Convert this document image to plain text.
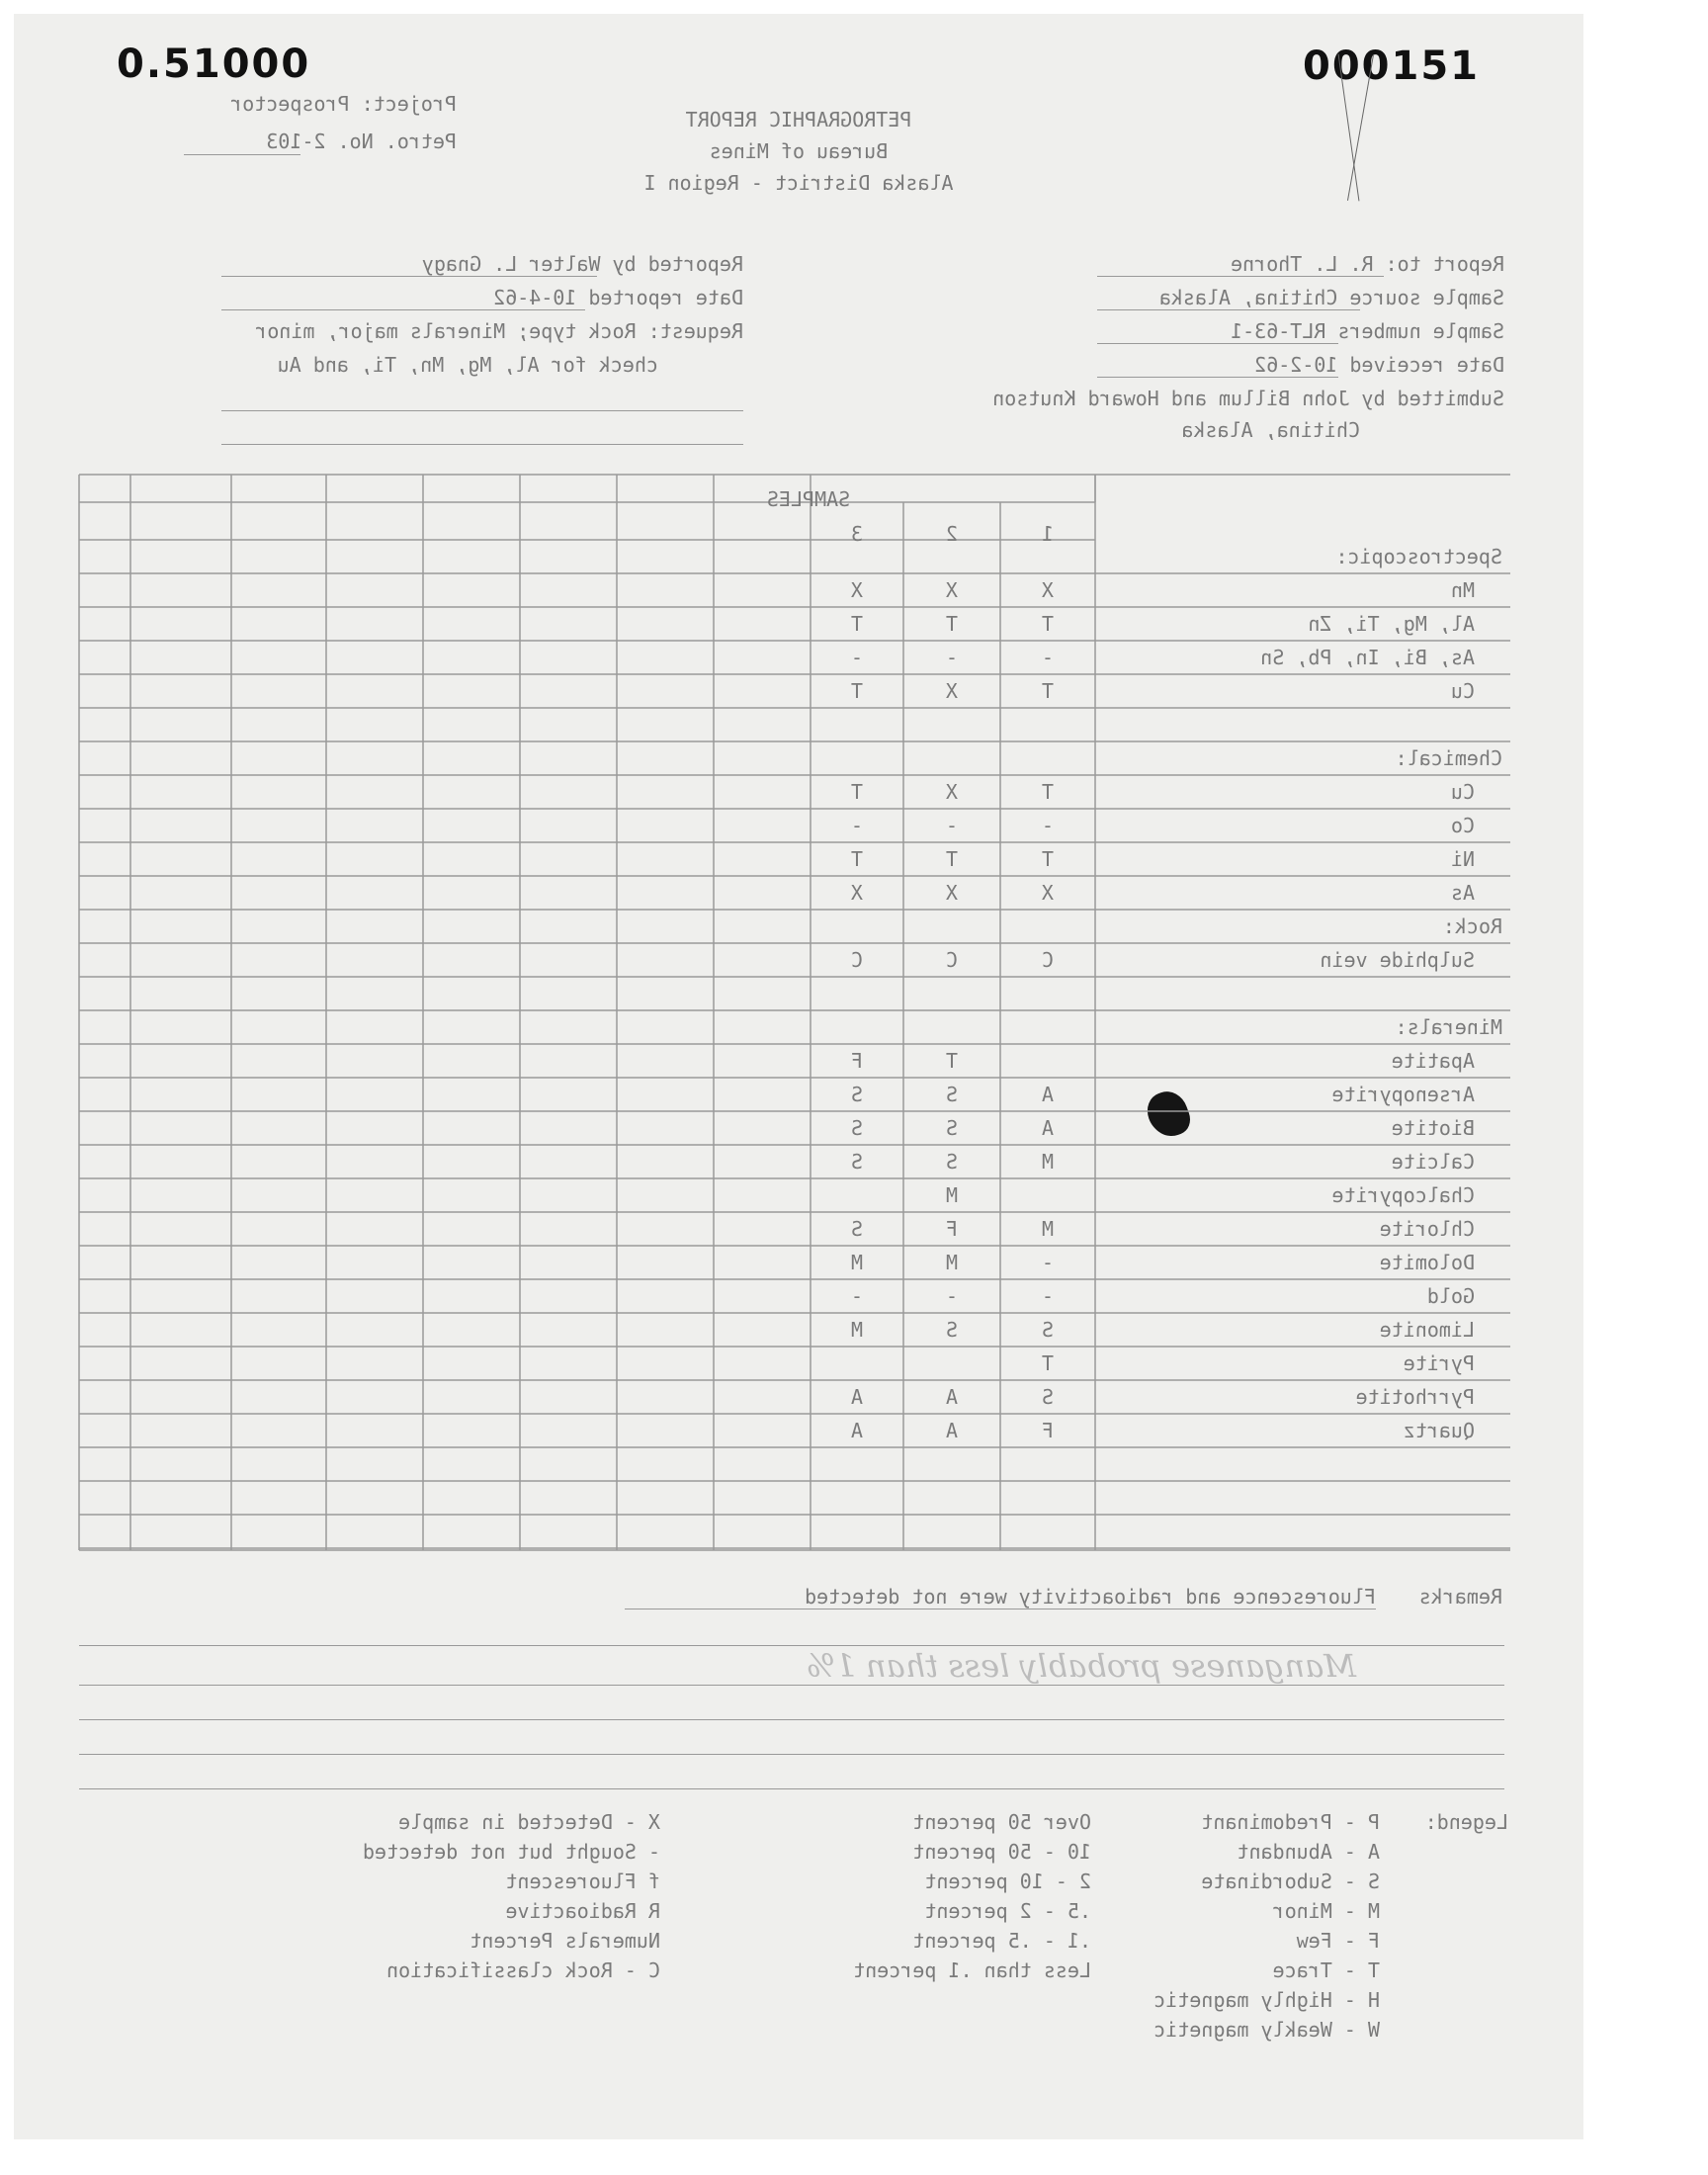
0.51000	000151
Project: Prospector
Petro. No. 2-103
PETROGRAPHIC REPORT
Bureau of Mines
Alaska District - Region I
Report to: R. L. Thorne
Sample source Chitina, Alaska
Sample numbers RLT-63-1
Date received 10-2-62
Submitted by John Billum and Howard Knutson
Chitina, Alaska
Reported by Walter L. Gnagy
Date reported 10-4-62
Request: Rock type; Minerals major, minor
check for Al, Mg, Mn, Ti, and Au
SAMPLES
1
2
3
Spectroscopic:
Mn
X
X
X
Al, Mg, Ti, Zn
T
T
T
As, Bi, In, Pb, Sn
-
-
-
Cu
T
X
T
Chemical:
Cu
T
X
T
Co
-
-
-
Ni
T
T
T
As
X
X
X
Rock:
Sulphide vein
C
C
C
Minerals:
Apatite
T
F
Arsenopyrite
A
S
S
Biotite
A
S
S
Calcite
M
S
S
Chalcopyrite
M
Chlorite
M
F
S
Dolomite
-
M
M
Gold
-
-
-
Limonite
S
S
M
Pyrite
T
Pyrrhotite
S
A
A
Quartz
F
A
A
Remarks
Fluorescence and radioactivity were not detected
Manganese probably less than 1%
Legend:
P - Predominant
Over 50 percent
A - Abundant
10 - 50 percent
S - Subordinate
2 - 10 percent
M - Minor
.5 - 2 percent
F - Few
.1 - .5 percent
T - Trace
Less than .1 percent
H - Highly magnetic
W - Weakly magnetic
X - Detected in sample
- Sought but not detected
f Fluorescent
R Radioactive
Numerals Percent
C - Rock classification
